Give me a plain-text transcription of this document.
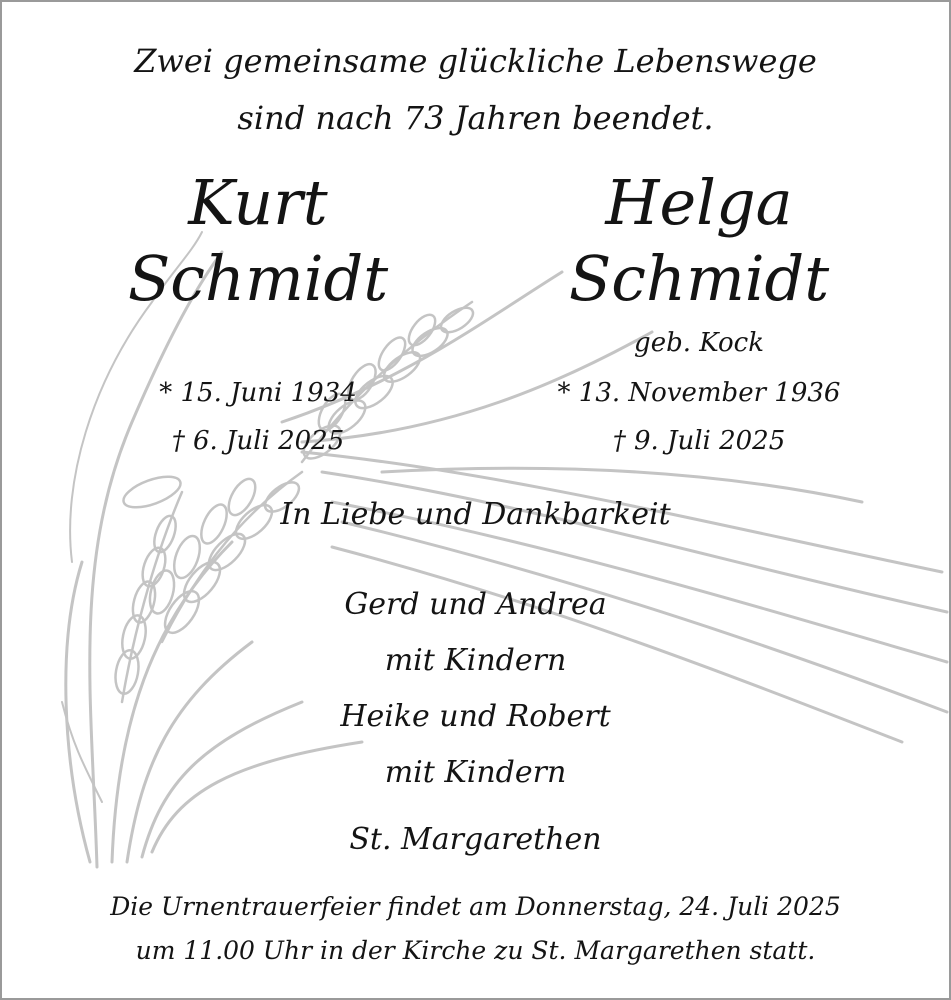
Zwei gemeinsame glückliche Lebenswege
sind nach 73 Jahren beendet.
Kurt
Schmidt
* 15. Juni 1934
† 6. Juli 2025
Helga
Schmidt
geb. Kock
* 13. November 1936
† 9. Juli 2025
In Liebe und Dankbarkeit
Gerd und Andrea
mit Kindern
Heike und Robert
mit Kindern
St. Margarethen
Die Urnentrauerfeier findet am Donnerstag, 24. Juli 2025
um 11.00 Uhr in der Kirche zu St. Margarethen statt.
